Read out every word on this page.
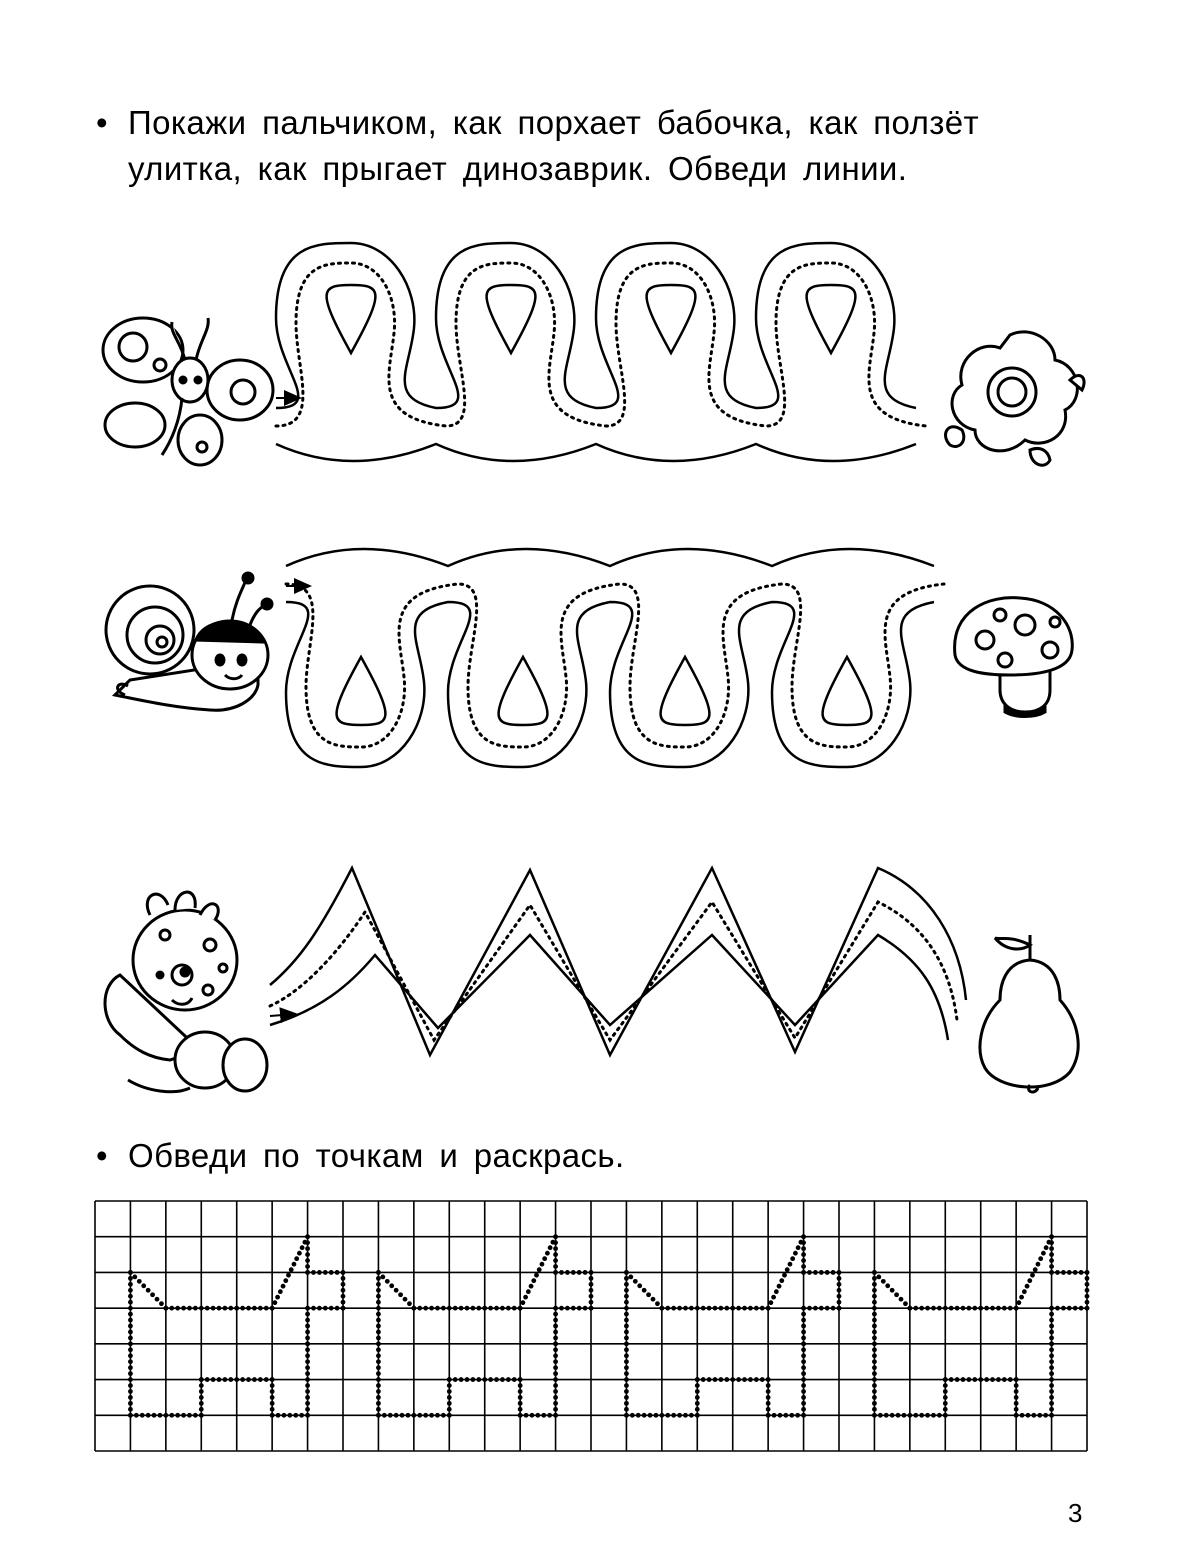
• Покажи пальчиком, как порхает бабочка, как ползёт
улитка, как прыгает динозаврик. Обведи линии.
• Обведи по точкам и раскрась.
3
